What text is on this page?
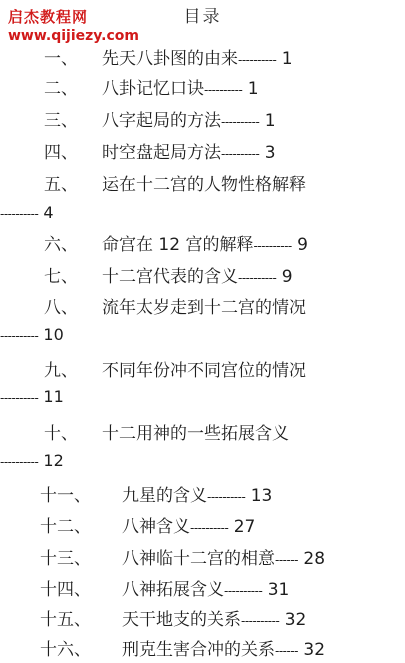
启杰教程网
www.qijiezy.com
目录
一、 先天八卦图的由来---------- 1
二、 八卦记忆口诀---------- 1
三、 八字起局的方法---------- 1
四、 时空盘起局方法---------- 3
五、 运在十二宫的人物性格解释
---------- 4
六、 命宫在 12 宫的解释---------- 9
七、 十二宫代表的含义---------- 9
八、 流年太岁走到十二宫的情况
---------- 10
九、 不同年份冲不同宫位的情况
---------- 11
十、 十二用神的一些拓展含义
---------- 12
十一、 九星的含义---------- 13
十二、 八神含义---------- 27
十三、 八神临十二宫的相意------ 28
十四、 八神拓展含义---------- 31
十五、 天干地支的关系---------- 32
十六、 刑克生害合冲的关系------ 32
